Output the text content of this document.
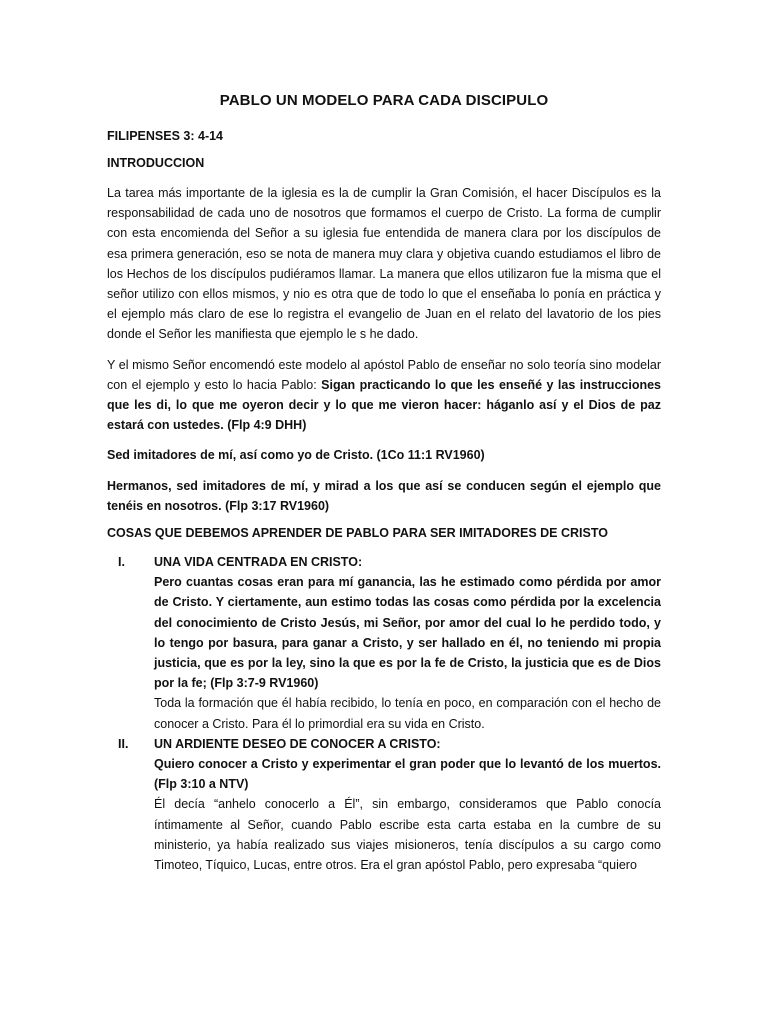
PABLO UN MODELO PARA CADA DISCIPULO
FILIPENSES 3: 4-14
INTRODUCCION

La tarea más importante de la iglesia es la de cumplir la Gran Comisión, el hacer Discípulos es la responsabilidad de cada uno de nosotros que formamos el cuerpo de Cristo. La forma de cumplir con esta encomienda del Señor a su iglesia fue entendida de manera clara por los discípulos de esa primera generación, eso se nota de manera muy clara y objetiva cuando estudiamos el libro de los Hechos de los discípulos pudiéramos llamar. La manera que ellos utilizaron fue la misma que el señor utilizo con ellos mismos, y nio es otra que de todo lo que el enseñaba lo ponía en práctica y el ejemplo más claro de ese lo registra el evangelio de Juan en el relato del lavatorio de los pies donde el Señor les manifiesta que ejemplo le s he dado.

Y el mismo Señor encomendó este modelo al apóstol Pablo de enseñar no solo teoría sino modelar con el ejemplo y esto lo hacia Pablo: Sigan practicando lo que les enseñé y las instrucciones que les di, lo que me oyeron decir y lo que me vieron hacer: háganlo así y el Dios de paz estará con ustedes. (Flp 4:9 DHH)

Sed imitadores de mí, así como yo de Cristo. (1Co 11:1 RV1960)

Hermanos, sed imitadores de mí, y mirad a los que así se conducen según el ejemplo que tenéis en nosotros. (Flp 3:17 RV1960)

COSAS QUE DEBEMOS APRENDER DE PABLO PARA SER IMITADORES DE CRISTO
I.	UNA VIDA CENTRADA EN CRISTO:
Pero cuantas cosas eran para mí ganancia, las he estimado como pérdida por amor de Cristo. Y ciertamente, aun estimo todas las cosas como pérdida por la excelencia del conocimiento de Cristo Jesús, mi Señor, por amor del cual lo he perdido todo, y lo tengo por basura, para ganar a Cristo, y ser hallado en él, no teniendo mi propia justicia, que es por la ley, sino la que es por la fe de Cristo, la justicia que es de Dios por la fe; (Flp 3:7-9 RV1960)
Toda la formación que él había recibido, lo tenía en poco, en comparación con el hecho de conocer a Cristo. Para él lo primordial era su vida en Cristo.
II.	UN ARDIENTE DESEO DE CONOCER A CRISTO:
Quiero conocer a Cristo y experimentar el gran poder que lo levantó de los muertos. (Flp 3:10 a NTV)
Él decía “anhelo conocerlo a Él”, sin embargo, consideramos que Pablo conocía íntimamente al Señor, cuando Pablo escribe esta carta estaba en la cumbre de su ministerio, ya había realizado sus viajes misioneros, tenía discípulos a su cargo como Timoteo, Tíquico, Lucas, entre otros. Era el gran apóstol Pablo, pero expresaba “quiero
